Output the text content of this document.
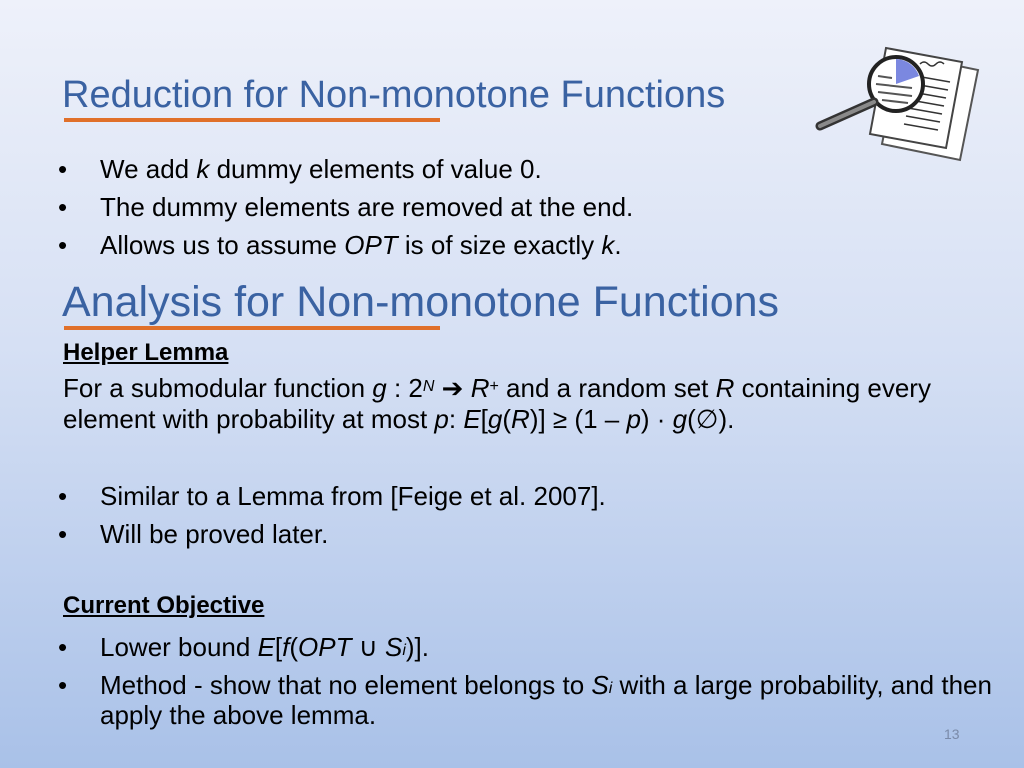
Reduction for Non-monotone Functions
• We add k dummy elements of value 0.
• The dummy elements are removed at the end.
• Allows us to assume OPT is of size exactly k.
Analysis for Non-monotone Functions
Helper Lemma
For a submodular function g : $2^N$ ➔ R+ and a random set R containing every element with probability at most p: E[g(R)] ≥ (1 – p) · g(∅).
• Similar to a Lemma from [Feige et al. 2007].
• Will be proved later.
Current Objective
• Lower bound E[f(OPT ∪ $S_i$)].
• Method - show that no element belongs to $S_i$ with a large probability, and then apply the above lemma.
13
